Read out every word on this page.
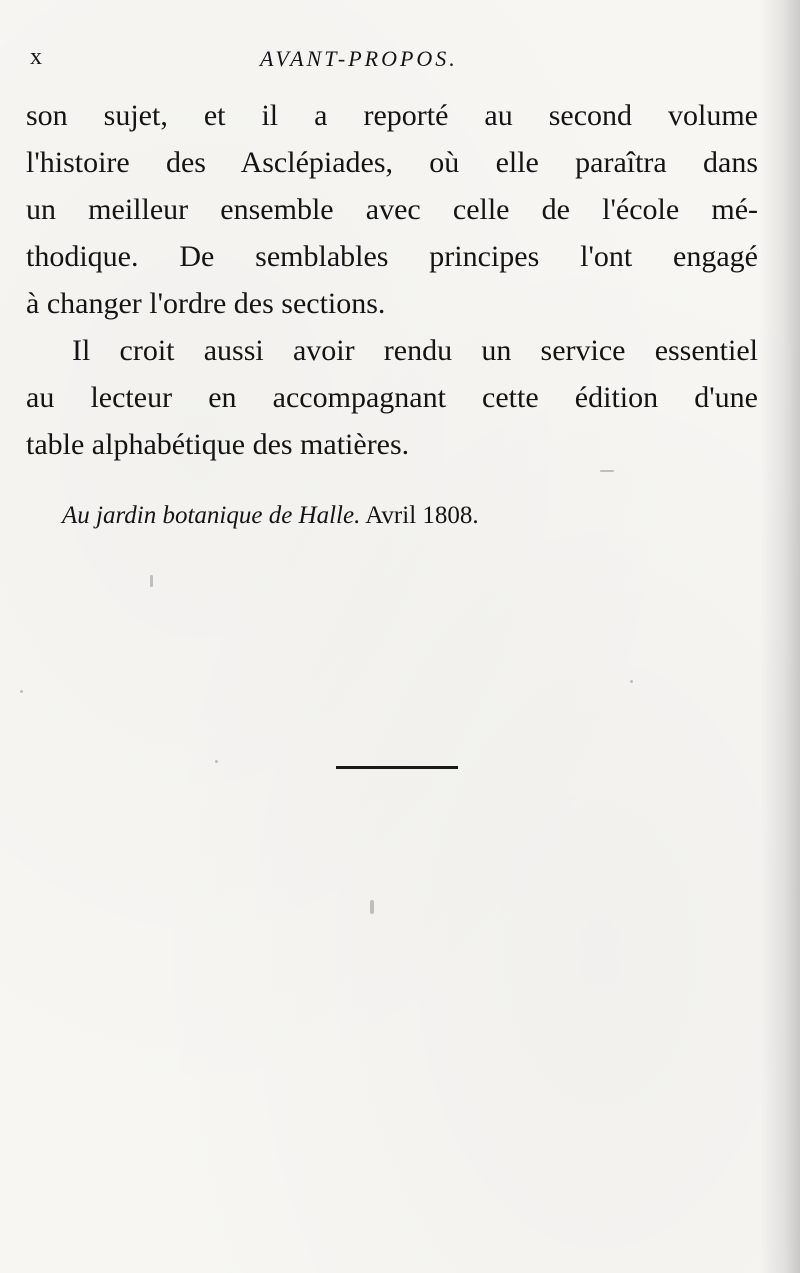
x	AVANT-PROPOS.
son sujet, et il a reporté au second volume
l'histoire des Asclépiades, où elle paraîtra dans
un meilleur ensemble avec celle de l'école mé-
thodique. De semblables principes l'ont engagé
à changer l'ordre des sections.
Il croit aussi avoir rendu un service essentiel
au lecteur en accompagnant cette édition d'une
table alphabétique des matières.
Au jardin botanique de Halle. Avril 1808.
